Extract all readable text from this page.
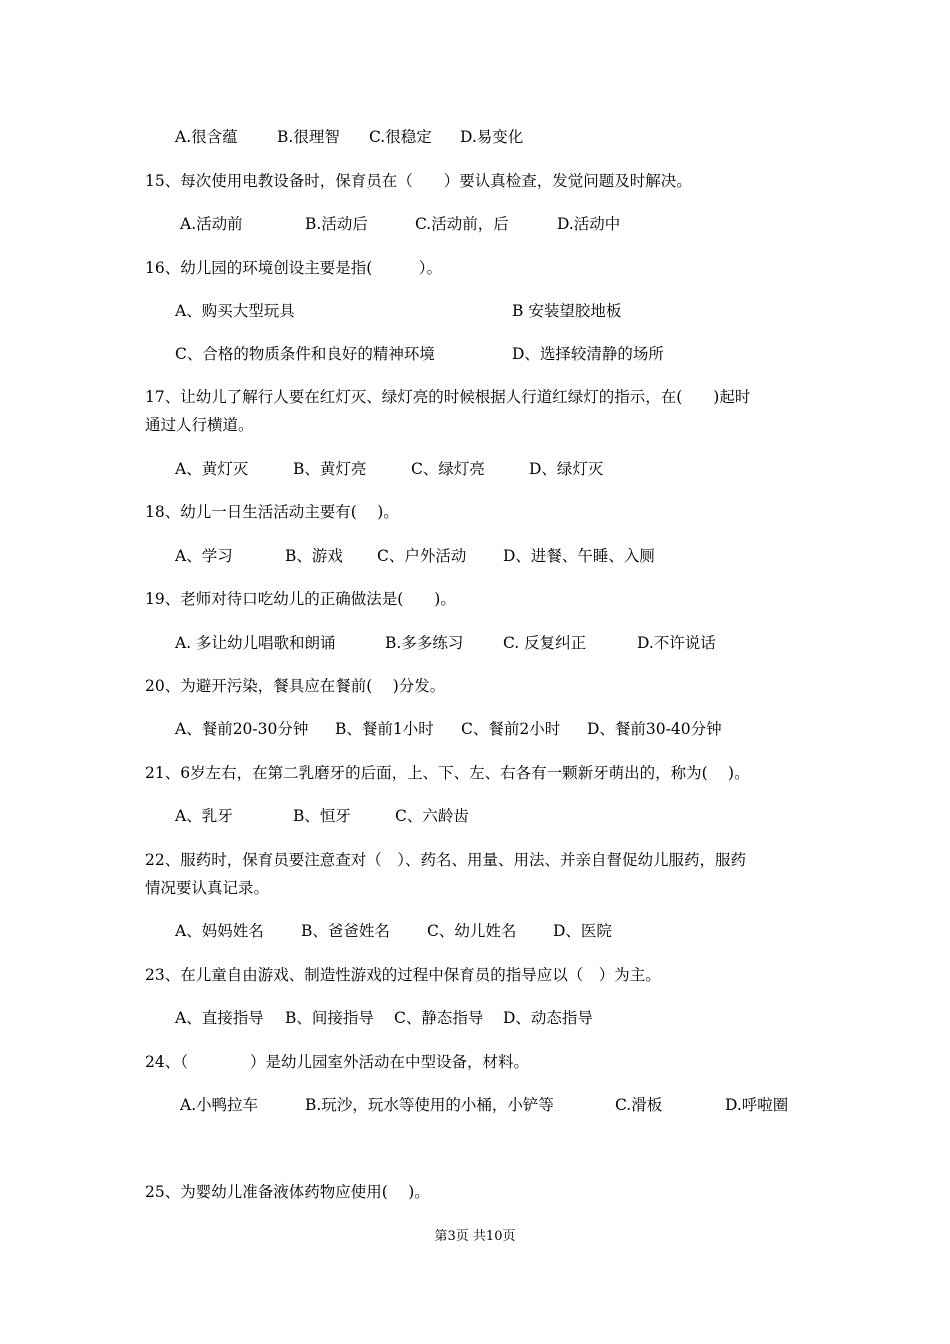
A.很含蕴	B.很理智 C.很稳定 D.易变化
15、每次使用电教设备时，保育员在（　　）要认真检查，发觉问题及时解决。
A.活动前	B.活动后	C.活动前，后	D.活动中
16、幼儿园的环境创设主要是指(　　　）。
A、购买大型玩具	B 安装望胶地板
C、合格的物质条件和良好的精神环境	D、选择较清静的场所
17、让幼儿了解行人要在红灯灭、绿灯亮的时候根据人行道红绿灯的指示，在(　　)起时
通过人行横道。
A、黄灯灭	B、黄灯亮	C、绿灯亮	D、绿灯灭
18、幼儿一日生活活动主要有(　 )。
A、学习	B、游戏 C、户外活动 D、进餐、午睡、入厕
19、老师对待口吃幼儿的正确做法是(　　)。
A. 多让幼儿唱歌和朗诵	B.多多练习	C. 反复纠正	D.不许说话
20、为避开污染，餐具应在餐前(　 )分发。
A、餐前20-30分钟 B、餐前1小时 C、餐前2小时 D、餐前30-40分钟
21、6岁左右，在第二乳磨牙的后面，上、下、左、右各有一颗新牙萌出的，称为(　 )。
A、乳牙	B、恒牙	C、六龄齿
22、服药时，保育员要注意查对（　）、药名、用量、用法、并亲自督促幼儿服药，服药
情况要认真记录。
A、妈妈姓名 B、爸爸姓名 C、幼儿姓名 D、医院
23、在儿童自由游戏、制造性游戏的过程中保育员的指导应以（　）为主。
A、直接指导 B、间接指导 C、静态指导 D、动态指导
24、（　　　　）是幼儿园室外活动在中型设备，材料。
A.小鸭拉车	B.玩沙，玩水等使用的小桶，小铲等	C.滑板	D.呼啦圈
25、为婴幼儿准备液体药物应使用(　 )。
第3页 共10页
